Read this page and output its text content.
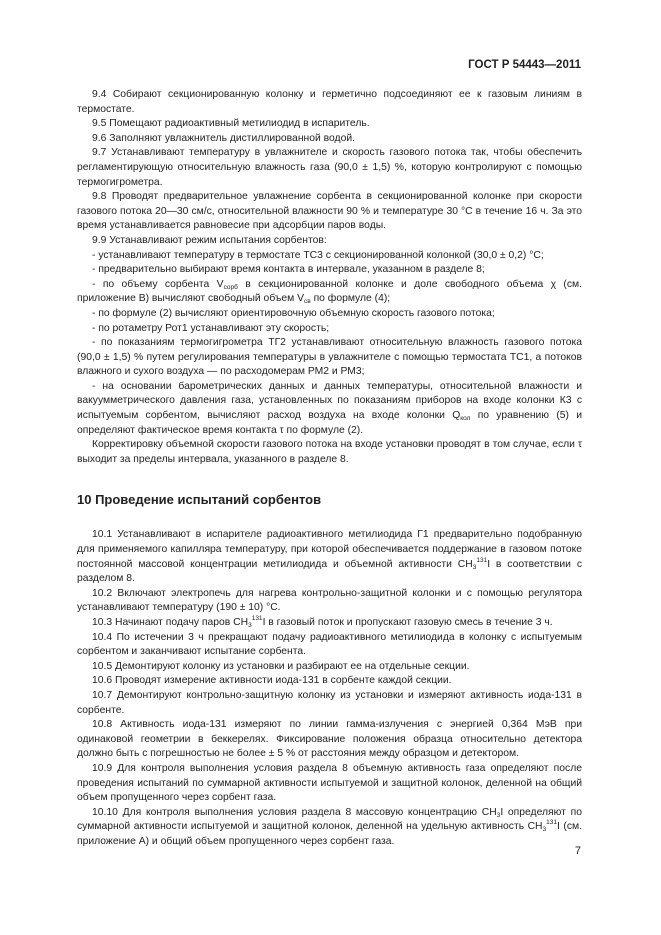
ГОСТ Р 54443—2011

9.4 Собирают секционированную колонку и герметично подсоединяют ее к газовым линиям в термостате.

9.5 Помещают радиоактивный метилиодид в испаритель.

9.6 Заполняют увлажнитель дистиллированной водой.

9.7 Устанавливают температуру в увлажнителе и скорость газового потока так, чтобы обеспечить регламентирующую относительную влажность газа (90,0 ± 1,5) %, которую контролируют с помощью термогигрометра.

9.8 Проводят предварительное увлажнение сорбента в секционированной колонке при скорости газового потока 20—30 см/с, относительной влажности 90 % и температуре 30 °С в течение 16 ч. За это время устанавливается равновесие при адсорбции паров воды.

9.9 Устанавливают режим испытания сорбентов:

- устанавливают температуру в термостате ТС3 с секционированной колонкой (30,0 ± 0,2) °С;

- предварительно выбирают время контакта в интервале, указанном в разделе 8;

- по объему сорбента $V_{сорб}$ в секционированной колонке и доле свободного объема χ (см. приложение В) вычисляют свободный объем $V_{св}$ по формуле (4);

- по формуле (2) вычисляют ориентировочную объемную скорость газового потока;

- по ротаметру Рот1 устанавливают эту скорость;

- по показаниям термогигрометра ТГ2 устанавливают относительную влажность газового потока (90,0 ± 1,5) % путем регулирования температуры в увлажнителе с помощью термостата ТС1, а потоков влажного и сухого воздуха — по расходомерам РМ2 и РМ3;

- на основании барометрических данных и данных температуры, относительной влажности и вакуумметрического давления газа, установленных по показаниям приборов на входе колонки К3 с испытуемым сорбентом, вычисляют расход воздуха на входе колонки $Q_{кол}$ по уравнению (5) и определяют фактическое время контакта τ по формуле (2).

Корректировку объемной скорости газового потока на входе установки проводят в том случае, если τ выходит за пределы интервала, указанного в разделе 8.

10 Проведение испытаний сорбентов

10.1 Устанавливают в испарителе радиоактивного метилиодида Г1 предварительно подобранную для применяемого капилляра температуру, при которой обеспечивается поддержание в газовом потоке постоянной массовой концентрации метилиодида и объемной активности $CH_3^{131}I$ в соответствии с разделом 8.

10.2 Включают электропечь для нагрева контрольно-защитной колонки и с помощью регулятора устанавливают температуру (190 ± 10) °С.

10.3 Начинают подачу паров $CH_3^{131}I$ в газовый поток и пропускают газовую смесь в течение 3 ч.

10.4 По истечении 3 ч прекращают подачу радиоактивного метилиодида в колонку с испытуемым сорбентом и заканчивают испытание сорбента.

10.5 Демонтируют колонку из установки и разбирают ее на отдельные секции.

10.6 Проводят измерение активности иода-131 в сорбенте каждой секции.

10.7 Демонтируют контрольно-защитную колонку из установки и измеряют активность иода-131 в сорбенте.

10.8 Активность иода-131 измеряют по линии гамма-излучения с энергией 0,364 МэВ при одинаковой геометрии в беккерелях. Фиксирование положения образца относительно детектора должно быть с погрешностью не более ± 5 % от расстояния между образцом и детектором.

10.9 Для контроля выполнения условия раздела 8 объемную активность газа определяют после проведения испытаний по суммарной активности испытуемой и защитной колонок, деленной на общий объем пропущенного через сорбент газа.

10.10 Для контроля выполнения условия раздела 8 массовую концентрацию $CH_3I$ определяют по суммарной активности испытуемой и защитной колонок, деленной на удельную активность $CH_3^{131}I$ (см. приложение А) и общий объем пропущенного через сорбент газа.

7
